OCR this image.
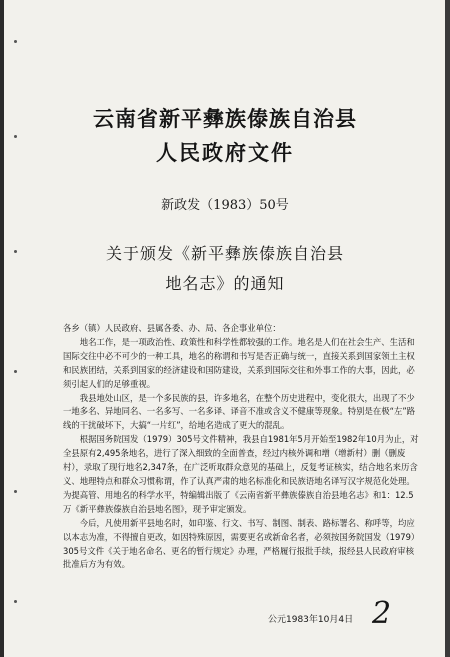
云南省新平彝族傣族自治县
人民政府文件
新政发（1983）50号
关于颁发《新平彝族傣族自治县
地名志》的通知

各乡（镇）人民政府、县属各委、办、局、各企事业单位：

地名工作，是一项政治性、政策性和科学性都较强的工作。地名是人们在社会生产、生活和国际交往中必不可少的一种工具，地名的称谓和书写是否正确与统一，直接关系到国家领土主权和民族团结，关系到国家的经济建设和国防建设，关系到国际交往和外事工作的大事，因此，必须引起人们的足够重视。

我县地处山区，是一个多民族的县，许多地名，在整个历史进程中，变化很大，出现了不少一地多名、异地同名、一名多写、一名多译、译音不准或含义不健康等现象。特别是在极“左”路线的干扰破坏下，大搞“一片红”，给地名造成了更大的混乱。

根据国务院国发（1979）305号文件精神，我县自1981年5月开始至1982年10月为止，对全县原有2,495条地名，进行了深入细致的全面普查，经过内核外调和增（增新村）删（删废村），录取了现行地名2,347条，在广泛听取群众意见的基础上，反复考证核实，结合地名来历含义、地理特点和群众习惯称谓，作了认真严肃的地名标准化和民族语地名译写汉字规范化处理。为提高管、用地名的科学水平，特编辑出版了《云南省新平彝族傣族自治县地名志》和1：12.5万《新平彝族傣族自治县地名图》，现予审定颁发。

今后，凡使用新平县地名时，如印鉴、行文、书写、制图、制表、路标署名、称呼等，均应以本志为准，不得擅自更改，如因特殊原因，需要更名或新命名者，必须按国务院国发（1979）305号文件《关于地名命名、更名的暂行规定》办理，严格履行报批手续，报经县人民政府审核批准后方为有效。

公元1983年10月4日 2
